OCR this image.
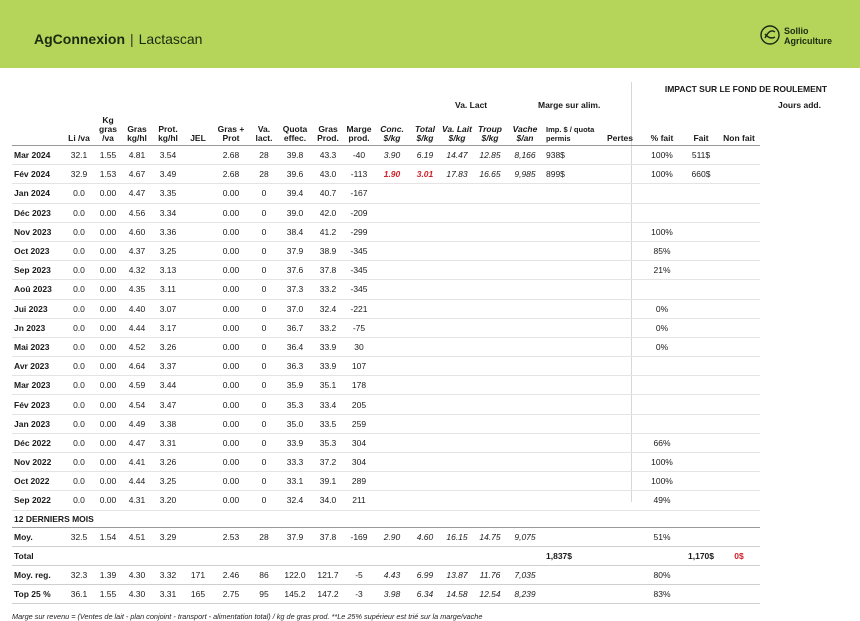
AgConnexion | Lactascan	Sollio
Agriculture
IMPACT SUR LE FOND DE ROULEMENT
Va. Lact	Marge sur alim.	Jours add.
	Li /va	Kg gras /va	Gras kg/hl	Prot. kg/hl	JEL	Gras + Prot	Va. lact.	Quota effec.	Gras Prod.	Marge prod.	Conc. $/kg	Total $/kg	Va. Lait $/kg	Troup $/kg	Vache $/an	Imp. $ / quota permis	Pertes	% fait	Fait	Non fait
Mar 2024	32.1	1.55	4.81	3.54		2.68	28	39.8	43.3	-40	3.90	6.19	14.47	12.85	8,166	938$		100%	511$	
Fév 2024	32.9	1.53	4.67	3.49		2.68	28	39.6	43.0	-113	1.90	3.01	17.83	16.65	9,985	899$		100%	660$	
Jan 2024	0.0	0.00	4.47	3.35		0.00	0	39.4	40.7	-167										
Déc 2023	0.0	0.00	4.56	3.34		0.00	0	39.0	42.0	-209										
Nov 2023	0.0	0.00	4.60	3.36		0.00	0	38.4	41.2	-299								100%		
Oct 2023	0.0	0.00	4.37	3.25		0.00	0	37.9	38.9	-345								85%		
Sep 2023	0.0	0.00	4.32	3.13		0.00	0	37.6	37.8	-345								21%		
Aoû 2023	0.0	0.00	4.35	3.11		0.00	0	37.3	33.2	-345										
Jui 2023	0.0	0.00	4.40	3.07		0.00	0	37.0	32.4	-221								0%		
Jn 2023	0.0	0.00	4.44	3.17		0.00	0	36.7	33.2	-75								0%		
Mai 2023	0.0	0.00	4.52	3.26		0.00	0	36.4	33.9	30								0%		
Avr 2023	0.0	0.00	4.64	3.37		0.00	0	36.3	33.9	107										
Mar 2023	0.0	0.00	4.59	3.44		0.00	0	35.9	35.1	178										
Fév 2023	0.0	0.00	4.54	3.47		0.00	0	35.3	33.4	205										
Jan 2023	0.0	0.00	4.49	3.38		0.00	0	35.0	33.5	259										
Déc 2022	0.0	0.00	4.47	3.31		0.00	0	33.9	35.3	304								66%		
Nov 2022	0.0	0.00	4.41	3.26		0.00	0	33.3	37.2	304								100%		
Oct 2022	0.0	0.00	4.44	3.25		0.00	0	33.1	39.1	289								100%		
Sep 2022	0.0	0.00	4.31	3.20		0.00	0	32.4	34.0	211								49%		
12 DERNIERS MOIS																				
Moy.	32.5	1.54	4.51	3.29		2.53	28	37.9	37.8	-169	2.90	4.60	16.15	14.75	9,075			51%		
Total																1,837$			1,170$	0$
Moy. reg.	32.3	1.39	4.30	3.32	171	2.46	86	122.0	121.7	-5	4.43	6.99	13.87	11.76	7,035			80%		
Top 25 %	36.1	1.55	4.30	3.31	165	2.75	95	145.2	147.2	-3	3.98	6.34	14.58	12.54	8,239			83%		
Marge sur revenu = (Ventes de lait - plan conjoint - transport - alimentation total) / kg de gras prod. **Le 25% supérieur est trié sur la marge/vache
